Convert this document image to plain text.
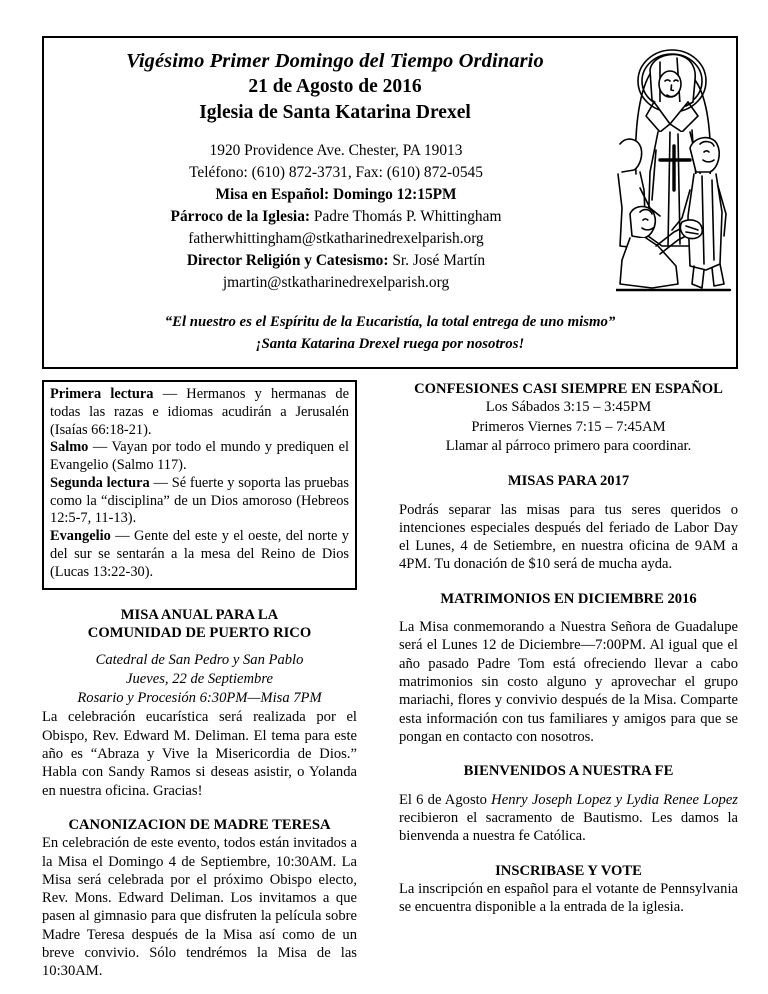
Vigésimo Primer Domingo del Tiempo Ordinario
21 de Agosto de 2016
Iglesia de Santa Katarina Drexel
1920 Providence Ave. Chester, PA 19013
Teléfono: (610) 872-3731, Fax: (610) 872-0545
Misa en Español: Domingo 12:15PM
Párroco de la Iglesia: Padre Thomás P. Whittingham
fatherwhittingham@stkatharinedrexelparish.org
Director Religión y Catesismo: Sr. José Martín
jmartin@stkatharinedrexelparish.org
“El nuestro es el Espíritu de la Eucaristía, la total entrega de uno mismo”
¡Santa Katarina Drexel ruega por nosotros!

Primera lectura — Hermanos y hermanas de todas las razas e idiomas acudirán a Jerusalén (Isaías 66:18-21).

Salmo — Vayan por todo el mundo y prediquen el Evangelio (Salmo 117).

Segunda lectura — Sé fuerte y soporta las pruebas como la “disciplina” de un Dios amoroso (Hebreos 12:5-7, 11-13).

Evangelio — Gente del este y el oeste, del norte y del sur se sentarán a la mesa del Reino de Dios (Lucas 13:22-30).

MISA ANUAL PARA LA
COMUNIDAD DE PUERTO RICO
Catedral de San Pedro y San Pablo
Jueves, 22 de Septiembre
Rosario y Procesión 6:30PM—Misa 7PM
La celebración eucarística será realizada por el Obispo, Rev. Edward M. Deliman. El tema para este año es “Abraza y Vive la Misericordia de Dios.” Habla con Sandy Ramos si deseas asistir, o Yolanda en nuestra oficina. Gracias!
CANONIZACION DE MADRE TERESA
En celebración de este evento, todos están invitados a la Misa el Domingo 4 de Septiembre, 10:30AM. La Misa será celebrada por el próximo Obispo electo, Rev. Mons. Edward Deliman. Los invitamos a que pasen al gimnasio para que disfruten la película sobre Madre Teresa después de la Misa así como de un breve convivio. Sólo tendrémos la Misa de las 10:30AM.
CONFESIONES CASI SIEMPRE EN ESPAÑOL
Los Sábados 3:15 – 3:45PM
Primeros Viernes 7:15 – 7:45AM
Llamar al párroco primero para coordinar.
MISAS PARA 2017
Podrás separar las misas para tus seres queridos o intenciones especiales después del feriado de Labor Day el Lunes, 4 de Setiembre, en nuestra oficina de 9AM a 4PM. Tu donación de $10 será de mucha ayda.
MATRIMONIOS EN DICIEMBRE 2016
La Misa conmemorando a Nuestra Señora de Guadalupe será el Lunes 12 de Diciembre—7:00PM. Al igual que el año pasado Padre Tom está ofreciendo llevar a cabo matrimonios sin costo alguno y aprovechar el grupo mariachi, flores y convivio después de la Misa. Comparte esta información con tus familiares y amigos para que se pongan en contacto con nosotros.
BIENVENIDOS A NUESTRA FE
El 6 de Agosto Henry Joseph Lopez y Lydia Renee Lopez recibieron el sacramento de Bautismo. Les damos la bienvenda a nuestra fe Católica.
INSCRIBASE Y VOTE
La inscripción en español para el votante de Pennsylvania se encuentra disponible a la entrada de la iglesia.
